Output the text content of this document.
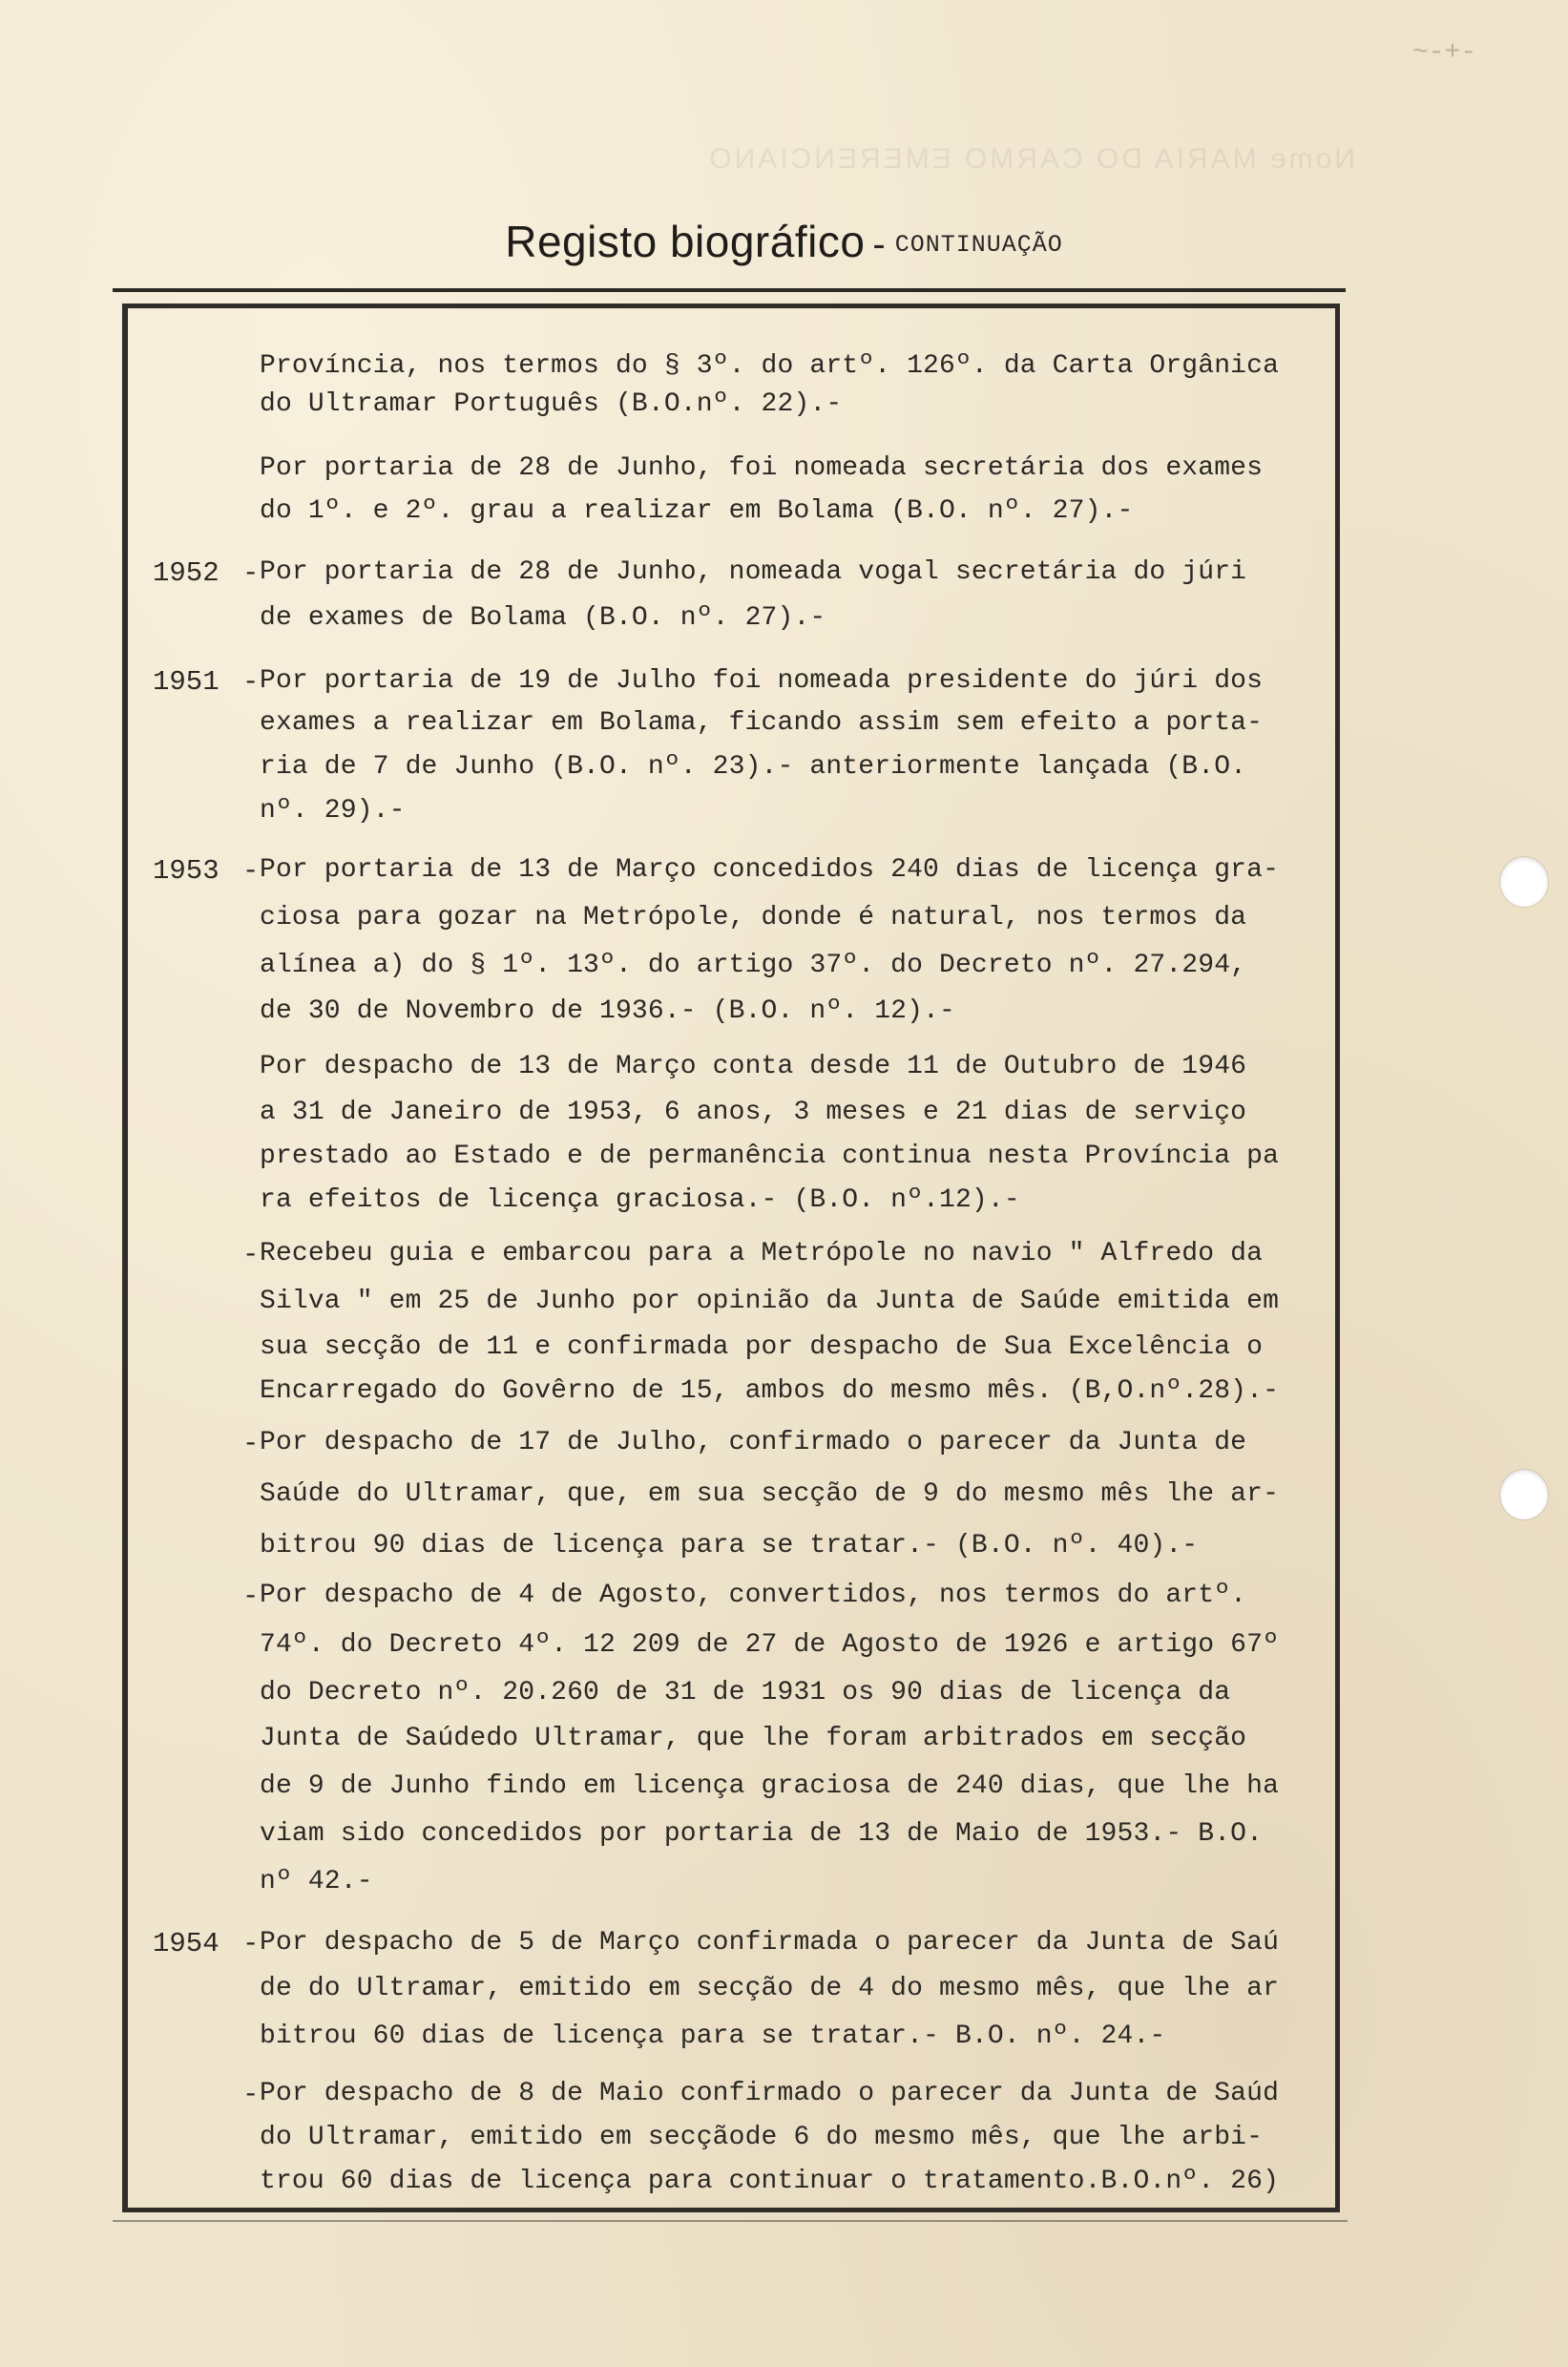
~-+-
Nome MARIA DO CARMO EMERENCIANO
Registo biográfico - CONTINUAÇÃO
Província, nos termos do § 3º. do artº. 126º. da Carta Orgânica
do Ultramar Português (B.O.nº. 22).-
Por portaria de 28 de Junho, foi nomeada secretária dos exames
do 1º. e 2º. grau a realizar em Bolama (B.O. nº. 27).-
1952 - Por portaria de 28 de Junho, nomeada vogal secretária do júri
de exames de Bolama (B.O. nº. 27).-
1951 - Por portaria de 19 de Julho foi nomeada presidente do júri dos
exames a realizar em Bolama, ficando assim sem efeito a porta-
ria de 7 de Junho (B.O. nº. 23).- anteriormente lançada (B.O.
nº. 29).-
1953 - Por portaria de 13 de Março concedidos 240 dias de licença gra-
ciosa para gozar na Metrópole, donde é natural, nos termos da
alínea a) do § 1º. 13º. do artigo 37º. do Decreto nº. 27.294,
de 30 de Novembro de 1936.- (B.O. nº. 12).-
Por despacho de 13 de Março conta desde 11 de Outubro de 1946
a 31 de Janeiro de 1953, 6 anos, 3 meses e 21 dias de serviço
prestado ao Estado e de permanência continua nesta Província pa
ra efeitos de licença graciosa.- (B.O. nº.12).-
- Recebeu guia e embarcou para a Metrópole no navio " Alfredo da
Silva " em 25 de Junho por opinião da Junta de Saúde emitida em
sua secção de 11 e confirmada por despacho de Sua Excelência o
Encarregado do Govêrno de 15, ambos do mesmo mês. (B,O.nº.28).-
- Por despacho de 17 de Julho, confirmado o parecer da Junta de
Saúde do Ultramar, que, em sua secção de 9 do mesmo mês lhe ar-
bitrou 90 dias de licença para se tratar.- (B.O. nº. 40).-
- Por despacho de 4 de Agosto, convertidos, nos termos do artº.
74º. do Decreto 4º. 12 209 de 27 de Agosto de 1926 e artigo 67º
do Decreto nº. 20.260 de 31 de 1931 os 90 dias de licença da
Junta de Saúdedo Ultramar, que lhe foram arbitrados em secção
de 9 de Junho findo em licença graciosa de 240 dias, que lhe ha
viam sido concedidos por portaria de 13 de Maio de 1953.- B.O.
nº 42.-
1954 - Por despacho de 5 de Março confirmada o parecer da Junta de Saú
de do Ultramar, emitido em secção de 4 do mesmo mês, que lhe ar
bitrou 60 dias de licença para se tratar.- B.O. nº. 24.-
- Por despacho de 8 de Maio confirmado o parecer da Junta de Saúd
do Ultramar, emitido em secçãode 6 do mesmo mês, que lhe arbi-
trou 60 dias de licença para continuar o tratamento.B.O.nº. 26)
